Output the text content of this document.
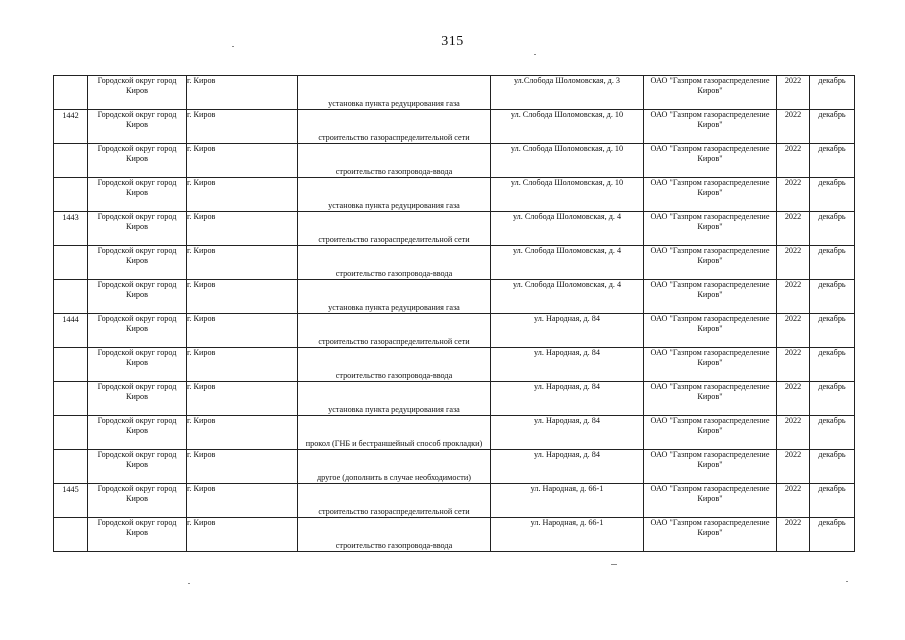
315
	Городской округ город Киров	г. Киров	установка пункта редуцирования газа	ул.Слобода Шоломовская, д. 3	ОАО "Газпром газораспределение Киров"	2022	декабрь

1442	Городской округ город Киров	г. Киров	строительство газораспределительной сети	ул. Слобода Шоломовская, д. 10	ОАО "Газпром газораспределение Киров"	2022	декабрь

	Городской округ город Киров	г. Киров	строительство газопровода-ввода	ул. Слобода Шоломовская, д. 10	ОАО "Газпром газораспределение Киров"	2022	декабрь

	Городской округ город Киров	г. Киров	установка пункта редуцирования газа	ул. Слобода Шоломовская, д. 10	ОАО "Газпром газораспределение Киров"	2022	декабрь

1443	Городской округ город Киров	г. Киров	строительство газораспределительной сети	ул. Слобода Шоломовская, д. 4	ОАО "Газпром газораспределение Киров"	2022	декабрь

	Городской округ город Киров	г. Киров	строительство газопровода-ввода	ул. Слобода Шоломовская, д. 4	ОАО "Газпром газораспределение Киров"	2022	декабрь

	Городской округ город Киров	г. Киров	установка пункта редуцирования газа	ул. Слобода Шоломовская, д. 4	ОАО "Газпром газораспределение Киров"	2022	декабрь

1444	Городской округ город Киров	г. Киров	строительство газораспределительной сети	ул. Народная, д. 84	ОАО "Газпром газораспределение Киров"	2022	декабрь

	Городской округ город Киров	г. Киров	строительство газопровода-ввода	ул. Народная, д. 84	ОАО "Газпром газораспределение Киров"	2022	декабрь

	Городской округ город Киров	г. Киров	установка пункта редуцирования газа	ул. Народная, д. 84	ОАО "Газпром газораспределение Киров"	2022	декабрь

	Городской округ город Киров	г. Киров	прокол (ГНБ и бестраншейный способ прокладки)	ул. Народная, д. 84	ОАО "Газпром газораспределение Киров"	2022	декабрь

	Городской округ город Киров	г. Киров	другое (дополнить в случае необходимости)	ул. Народная, д. 84	ОАО "Газпром газораспределение Киров"	2022	декабрь

1445	Городской округ город Киров	г. Киров	строительство газораспределительной сети	ул. Народная, д. 66-1	ОАО "Газпром газораспределение Киров"	2022	декабрь

	Городской округ город Киров	г. Киров	строительство газопровода-ввода	ул. Народная, д. 66-1	ОАО "Газпром газораспределение Киров"	2022	декабрь
